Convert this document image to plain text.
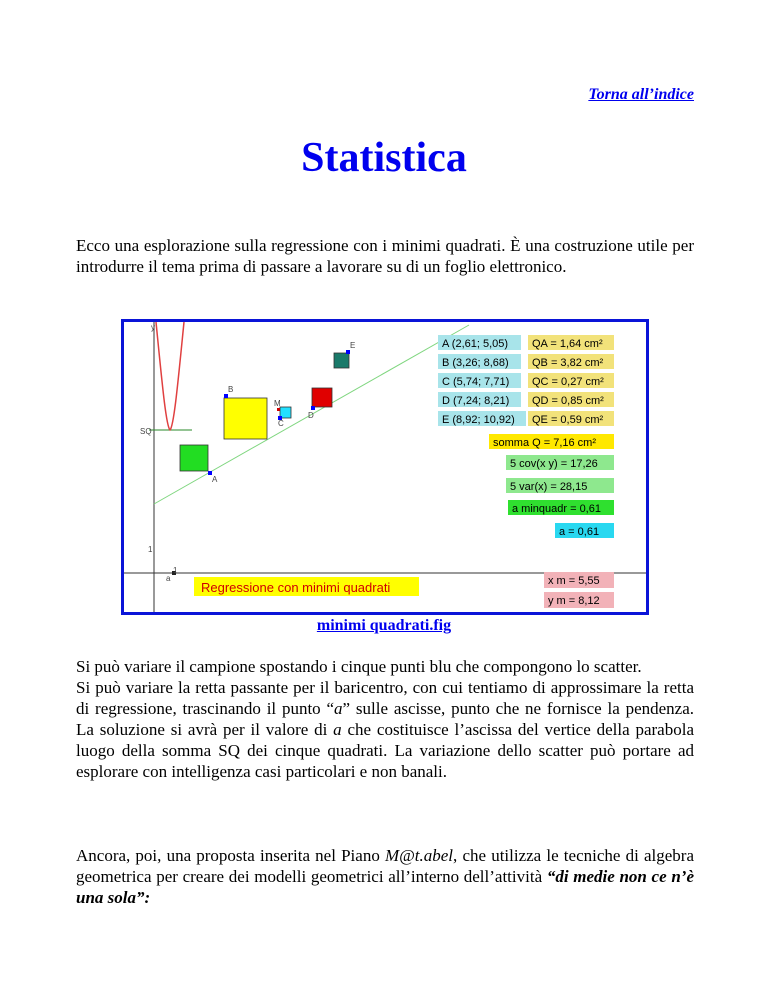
Torna all’indice
Statistica

Ecco una esplorazione sulla regressione con i minimi quadrati. È una costruzione utile per introdurre il tema prima di passare a lavorare su di un foglio elettronico.

A
B
C
D
E
M
SQ
1
a
1
y
A (2,61; 5,05)
B (3,26; 8,68)
C (5,74; 7,71)
D (7,24; 8,21)
E (8,92; 10,92)
QA = 1,64 cm²
QB = 3,82 cm²
QC = 0,27 cm²
QD = 0,85 cm²
QE = 0,59 cm²
somma Q = 7,16 cm²
5 cov(x y) = 17,26
5 var(x) = 28,15
a minquadr = 0,61
a = 0,61
x m = 5,55
y m = 8,12
Regressione con minimi quadrati
minimi quadrati.fig

Si può variare il campione spostando i cinque punti blu che compongono lo scatter.

Si può variare la retta passante per il baricentro, con cui tentiamo di approssimare la retta di regressione, trascinando il punto “a” sulle ascisse, punto che ne fornisce la pendenza. La soluzione si avrà per il valore di a che costituisce l’ascissa del vertice della parabola luogo della somma SQ dei cinque quadrati. La variazione dello scatter può portare ad esplorare con intelligenza casi particolari e non banali.

Ancora, poi, una proposta inserita nel Piano M@t.abel, che utilizza le tecniche di algebra geometrica per creare dei modelli geometrici all’interno dell’attività “di medie non ce n’è una sola”:
